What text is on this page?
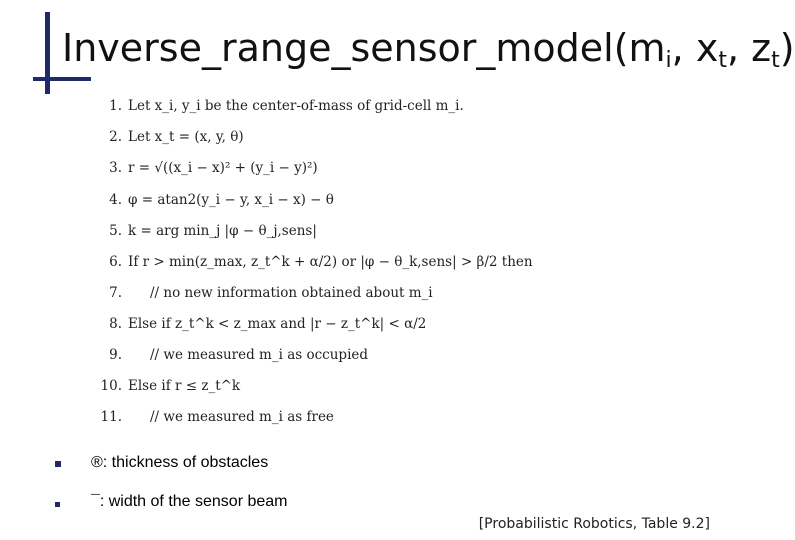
$Inverse\_range\_sensor\_model(m_i$, $x_t$, $z_t$)
1. Let x_i, y_i be the center-of-mass of grid-cell m_i.
2. Let x_t = (x, y, θ)
3. r = √((x_i − x)² + (y_i − y)²)
4. φ = atan2(y_i − y, x_i − x) − θ
5. k = arg min_j |φ − θ_j,sens|
6. If r > min(z_max, z_t^k + α/2) or |φ − θ_k,sens| > β/2 then
7. // no new information obtained about m_i
8. Else if z_t^k < z_max and |r − z_t^k| < α/2
9. // we measured m_i as occupied
10. Else if r ≤ z_t^k
11. // we measured m_i as free
®: thickness of obstacles
¯: width of the sensor beam
[Probabilistic Robotics, Table 9.2]
